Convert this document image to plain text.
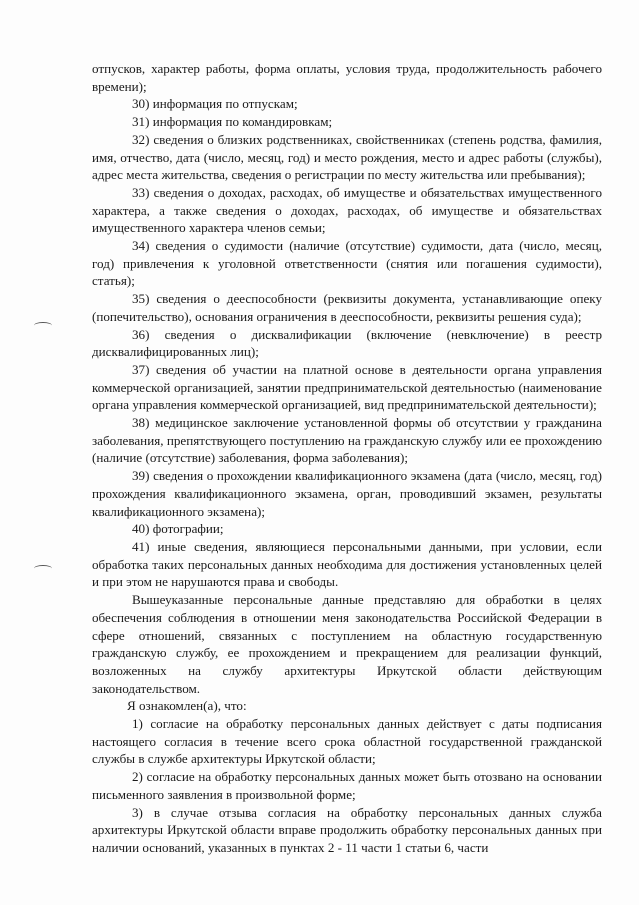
отпусков, характер работы, форма оплаты, условия труда, продолжительность рабочего времени);

30) информация по отпускам;

31) информация по командировкам;

32) сведения о близких родственниках, свойственниках (степень родства, фамилия, имя, отчество, дата (число, месяц, год) и место рождения, место и адрес работы (службы), адрес места жительства, сведения о регистрации по месту жительства или пребывания);

33) сведения о доходах, расходах, об имуществе и обязательствах имущественного характера, а также сведения о доходах, расходах, об имуществе и обязательствах имущественного характера членов семьи;

34) сведения о судимости (наличие (отсутствие) судимости, дата (число, месяц, год) привлечения к уголовной ответственности (снятия или погашения судимости), статья);

35) сведения о дееспособности (реквизиты документа, устанавливающие опеку (попечительство), основания ограничения в дееспособности, реквизиты решения суда);

36) сведения о дисквалификации (включение (невключение) в реестр дисквалифицированных лиц);

37) сведения об участии на платной основе в деятельности органа управления коммерческой организацией, занятии предпринимательской деятельностью (наименование органа управления коммерческой организацией, вид предпринимательской деятельности);

38) медицинское заключение установленной формы об отсутствии у гражданина заболевания, препятствующего поступлению на гражданскую службу или ее прохождению (наличие (отсутствие) заболевания, форма заболевания);

39) сведения о прохождении квалификационного экзамена (дата (число, месяц, год) прохождения квалификационного экзамена, орган, проводивший экзамен, результаты квалификационного экзамена);

40) фотографии;

41) иные сведения, являющиеся персональными данными, при условии, если обработка таких персональных данных необходима для достижения установленных целей и при этом не нарушаются права и свободы.

Вышеуказанные персональные данные представляю для обработки в целях обеспечения соблюдения в отношении меня законодательства Российской Федерации в сфере отношений, связанных с поступлением на областную государственную гражданскую службу, ее прохождением и прекращением для реализации функций, возложенных на службу архитектуры Иркутской области действующим законодательством.

Я ознакомлен(а), что:

1) согласие на обработку персональных данных действует с даты подписания настоящего согласия в течение всего срока областной государственной гражданской службы в службе архитектуры Иркутской области;

2) согласие на обработку персональных данных может быть отозвано на основании письменного заявления в произвольной форме;

3) в случае отзыва согласия на обработку персональных данных служба архитектуры Иркутской области вправе продолжить обработку персональных данных при наличии оснований, указанных в пунктах 2 - 11 части 1 статьи 6, части
